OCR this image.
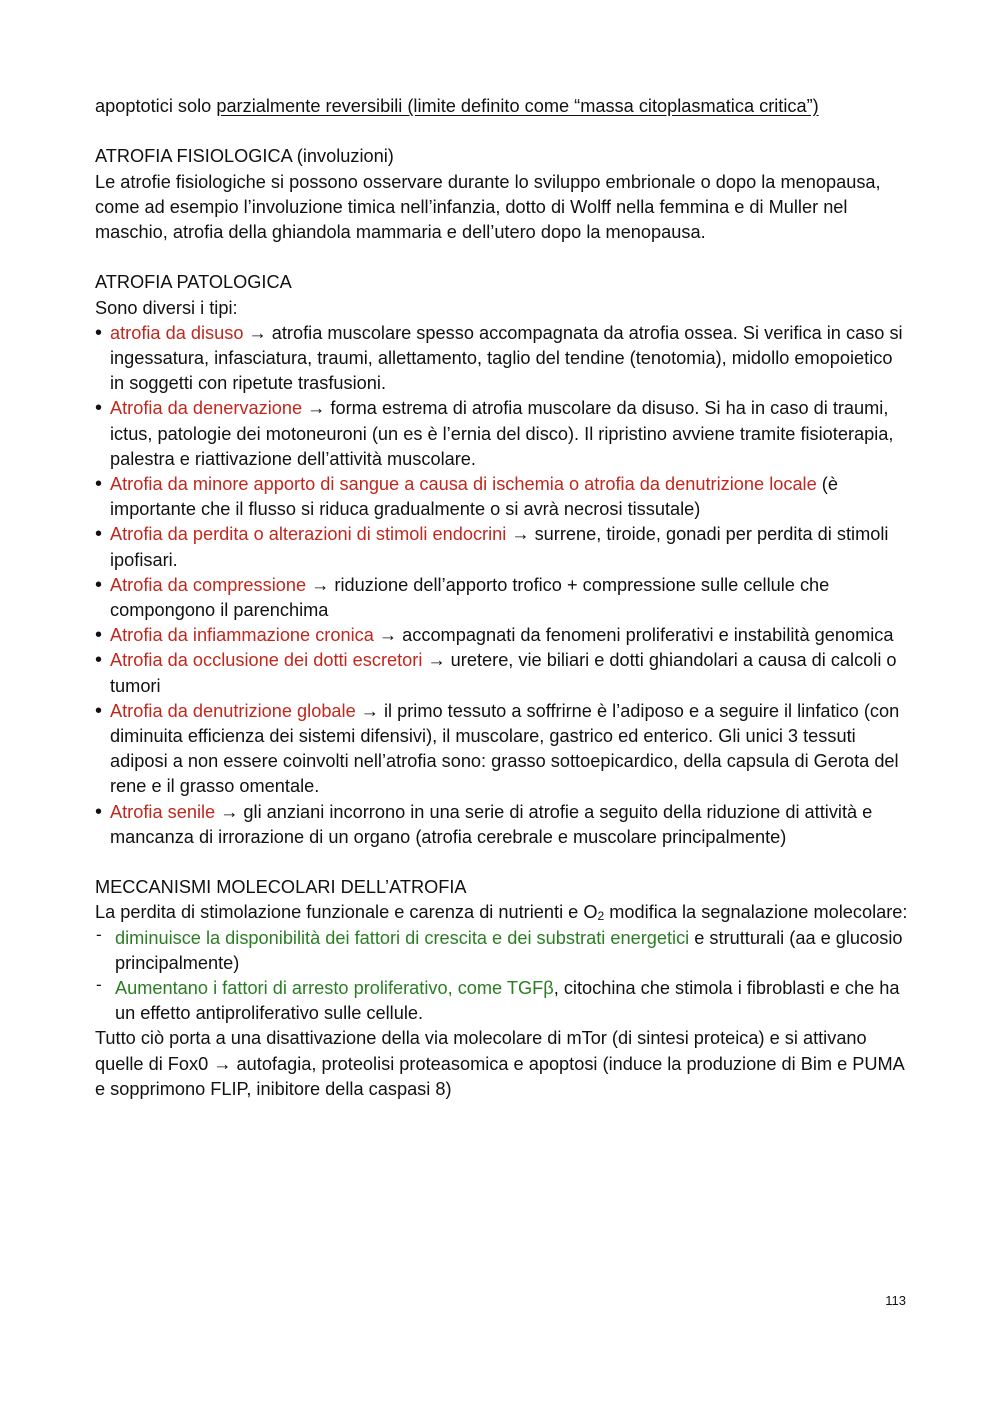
apoptotici solo parzialmente reversibili (limite definito come “massa citoplasmatica critica”)

ATROFIA FISIOLOGICA (involuzioni)

Le atrofie fisiologiche si possono osservare durante lo sviluppo embrionale o dopo la menopausa, come ad esempio l’involuzione timica nell’infanzia, dotto di Wolff nella femmina e di Muller nel maschio, atrofia della ghiandola mammaria e dell’utero dopo la menopausa.

ATROFIA PATOLOGICA

Sono diversi i tipi:

• atrofia da disuso → atrofia muscolare spesso accompagnata da atrofia ossea. Si verifica in caso si ingessatura, infasciatura, traumi, allettamento, taglio del tendine (tenotomia), midollo emopoietico in soggetti con ripetute trasfusioni.
• Atrofia da denervazione → forma estrema di atrofia muscolare da disuso. Si ha in caso di traumi, ictus, patologie dei motoneuroni (un es è l’ernia del disco). Il ripristino avviene tramite fisioterapia, palestra e riattivazione dell’attività muscolare.
• Atrofia da minore apporto di sangue a causa di ischemia o atrofia da denutrizione locale (è importante che il flusso si riduca gradualmente o si avrà necrosi tissutale)
• Atrofia da perdita o alterazioni di stimoli endocrini → surrene, tiroide, gonadi per perdita di stimoli ipofisari.
• Atrofia da compressione → riduzione dell’apporto trofico + compressione sulle cellule che compongono il parenchima
• Atrofia da infiammazione cronica → accompagnati da fenomeni proliferativi e instabilità genomica
• Atrofia da occlusione dei dotti escretori → uretere, vie biliari e dotti ghiandolari a causa di calcoli o tumori
• Atrofia da denutrizione globale → il primo tessuto a soffrirne è l’adiposo e a seguire il linfatico (con diminuita efficienza dei sistemi difensivi), il muscolare, gastrico ed enterico. Gli unici 3 tessuti adiposi a non essere coinvolti nell’atrofia sono: grasso sottoepicardico, della capsula di Gerota del rene e il grasso omentale.
• Atrofia senile → gli anziani incorrono in una serie di atrofie a seguito della riduzione di attività e mancanza di irrorazione di un organo (atrofia cerebrale e muscolare principalmente)

MECCANISMI MOLECOLARI DELL’ATROFIA

La perdita di stimolazione funzionale e carenza di nutrienti e $O_2$ modifica la segnalazione molecolare:

- diminuisce la disponibilità dei fattori di crescita e dei substrati energetici e strutturali (aa e glucosio principalmente)
- Aumentano i fattori di arresto proliferativo, come TGFβ, citochina che stimola i fibroblasti e che ha un effetto antiproliferativo sulle cellule.

Tutto ciò porta a una disattivazione della via molecolare di mTor (di sintesi proteica) e si attivano quelle di Fox0 → autofagia, proteolisi proteasomica e apoptosi (induce la produzione di Bim e PUMA e sopprimono FLIP, inibitore della caspasi 8)

113
